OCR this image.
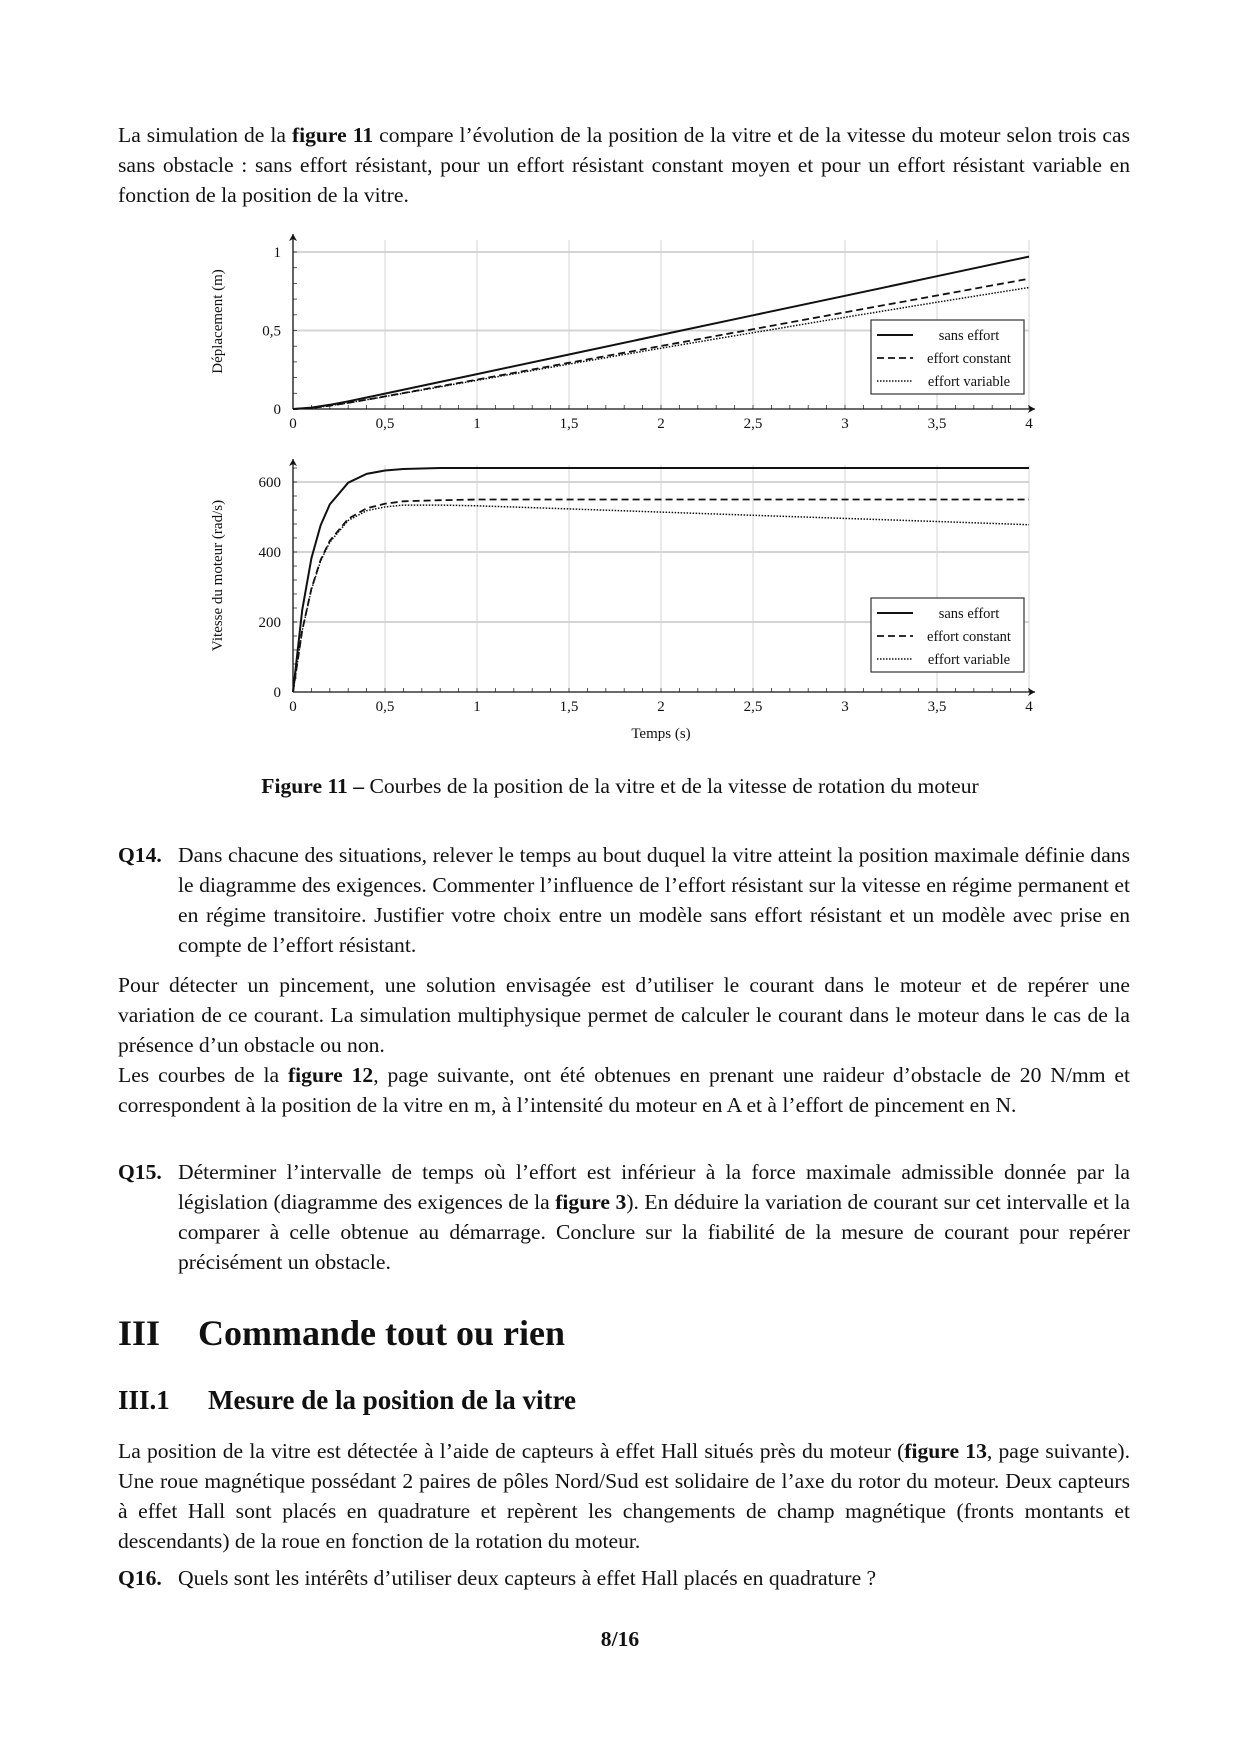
La simulation de la figure 11 compare l’évolution de la position de la vitre et de la vitesse du moteur selon trois cas sans obstacle : sans effort résistant, pour un effort résistant constant moyen et pour un effort résistant variable en fonction de la position de la vitre.
0	0,5	1	1,5	2	2,5	3	3,5	4
0
0,5
1
Déplacement (m)	sans effort
effort constant
effort variable
0	0,5	1	1,5	2	2,5	3	3,5	4
0
200
400
600
Vitesse du moteur (rad/s)
Temps (s)
sans effort
effort constant
effort variable
Figure 11 – Courbes de la position de la vitre et de la vitesse de rotation du moteur
Q14. Dans chacune des situations, relever le temps au bout duquel la vitre atteint la position maximale définie dans le diagramme des exigences. Commenter l’influence de l’effort résistant sur la vitesse en régime permanent et en régime transitoire. Justifier votre choix entre un modèle sans effort résistant et un modèle avec prise en compte de l’effort résistant.
Pour détecter un pincement, une solution envisagée est d’utiliser le courant dans le moteur et de repérer une variation de ce courant. La simulation multiphysique permet de calculer le courant dans le moteur dans le cas de la présence d’un obstacle ou non.
Les courbes de la figure 12, page suivante, ont été obtenues en prenant une raideur d’obstacle de 20 N/mm et correspondent à la position de la vitre en m, à l’intensité du moteur en A et à l’effort de pincement en N.
Q15. Déterminer l’intervalle de temps où l’effort est inférieur à la force maximale admissible donnée par la législation (diagramme des exigences de la figure 3). En déduire la variation de courant sur cet intervalle et la comparer à celle obtenue au démarrage. Conclure sur la fiabilité de la mesure de courant pour repérer précisément un obstacle.
III Commande tout ou rien
III.1 Mesure de la position de la vitre
La position de la vitre est détectée à l’aide de capteurs à effet Hall situés près du moteur (figure 13, page suivante). Une roue magnétique possédant 2 paires de pôles Nord/Sud est solidaire de l’axe du rotor du moteur. Deux capteurs à effet Hall sont placés en quadrature et repèrent les changements de champ magnétique (fronts montants et descendants) de la roue en fonction de la rotation du moteur.
Q16. Quels sont les intérêts d’utiliser deux capteurs à effet Hall placés en quadrature ?
8/16
